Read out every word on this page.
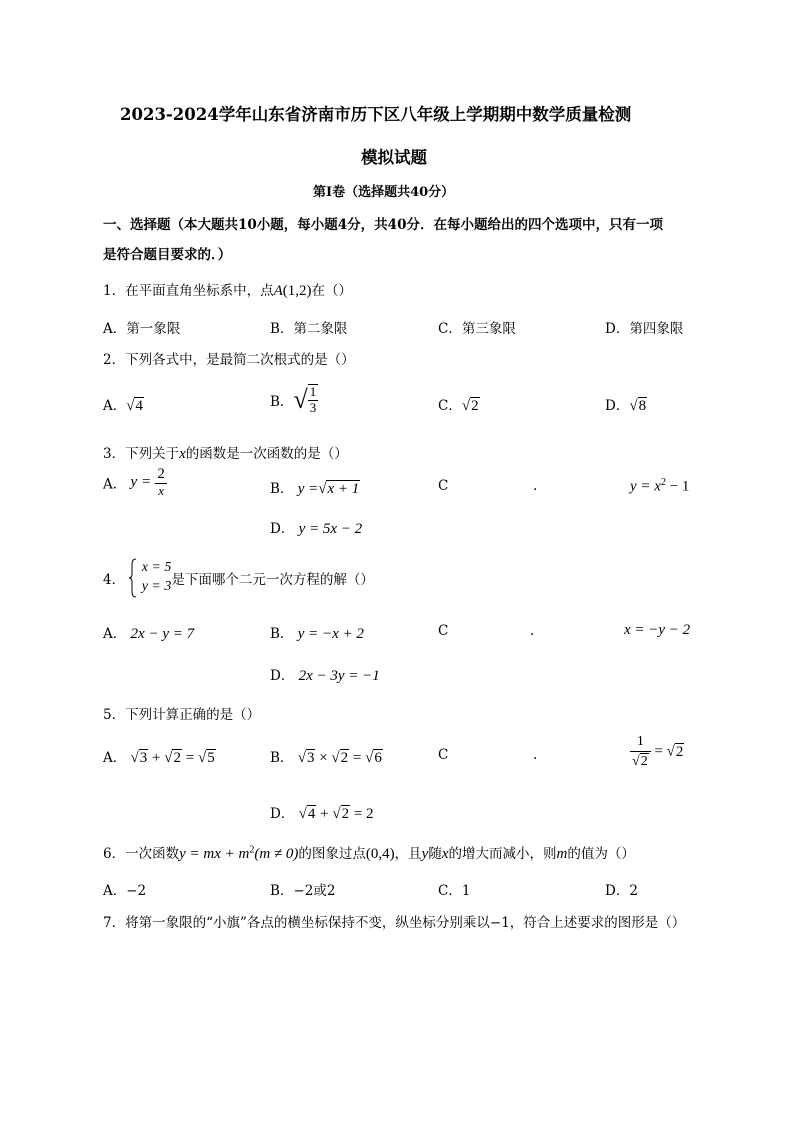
2023-2024学年山东省济南市历下区八年级上学期期中数学质量检测
模拟试题
第Ⅰ卷（选择题共40分）
一、选择题（本大题共10小题，每小题4分，共40分．在每小题给出的四个选项中，只有一项
是符合题目要求的．）
1．在平面直角坐标系中，点A(1,2)在（）
A．第一象限	B．第二象限	C．第三象限	D．第四象限
2．下列各式中，是最简二次根式的是（）
A．√4	B．√ $\frac{1}{3}$	C．√2	D．√8
3．下列关于x的函数是一次函数的是（）
A． $y = \frac{2}{x}$	B． y =√x + 1	C	.	$y = x^2 - 1$
D． y = 5x − 2
4．
x = 5
y = 3 是下面哪个二元一次方程的解（）
A． 2x − y = 7	B． y = −x + 2	C	.	x = −y − 2
D． 2x − 3y = −1
5．下列计算正确的是（）
A． √3 + √2 = √5	B． √3 × √2 = √6	C	.	$\frac{1}{√2} = √2$
D． √4 + √2 = 2
6．一次函数y = mx + $m^2(m \ne 0)$的图象过点(0,4)，且y随x的增大而减小，则m的值为（）
A．−2	B．−2或2	C．1	D．2
7．将第一象限的“小旗”各点的横坐标保持不变，纵坐标分别乘以−1，符合上述要求的图形是（）
